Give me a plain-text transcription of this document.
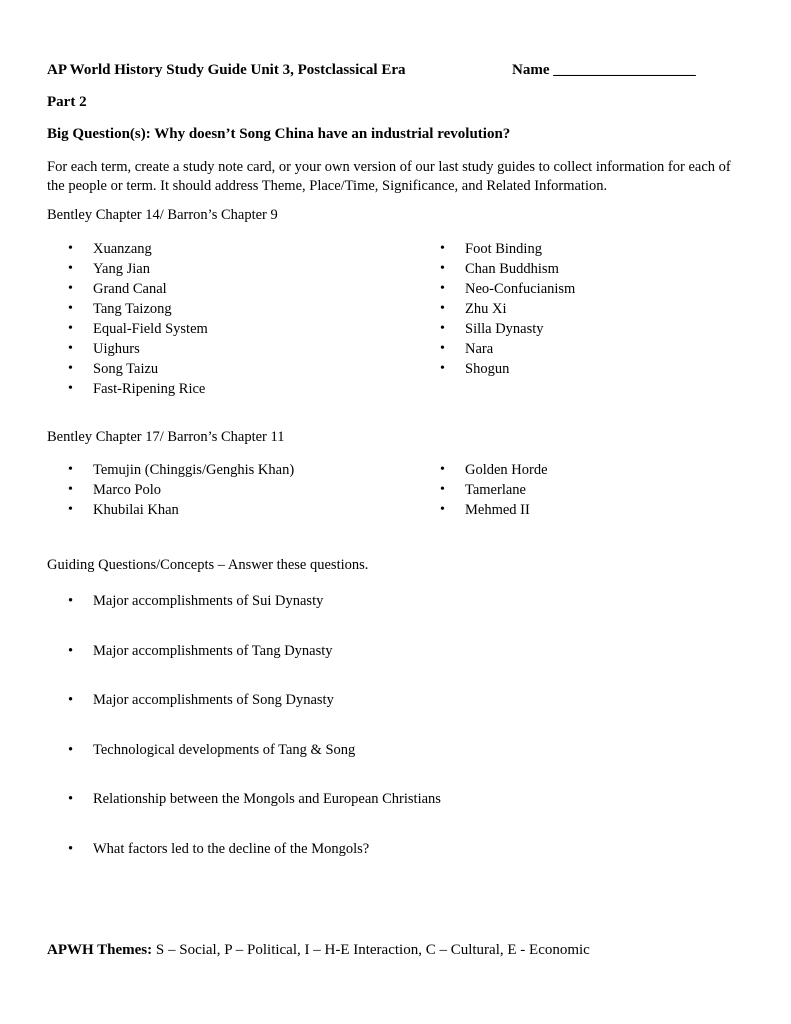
AP World History Study Guide Unit 3, Postclassical Era	Name ___________________
Part 2
Big Question(s): Why doesn’t Song China have an industrial revolution?
For each term, create a study note card, or your own version of our last study guides to collect information for each of the people or term. It should address Theme, Place/Time, Significance, and Related Information.
Bentley Chapter 14/ Barron’s Chapter 9
• Xuanzang
• Yang Jian
• Grand Canal
• Tang Taizong
• Equal-Field System
• Uighurs
• Song Taizu
• Fast-Ripening Rice
• Foot Binding
• Chan Buddhism
• Neo-Confucianism
• Zhu Xi
• Silla Dynasty
• Nara
• Shogun
Bentley Chapter 17/ Barron’s Chapter 11
• Temujin (Chinggis/Genghis Khan)
• Marco Polo
• Khubilai Khan
• Golden Horde
• Tamerlane
• Mehmed II
Guiding Questions/Concepts – Answer these questions.
• Major accomplishments of Sui Dynasty
• Major accomplishments of Tang Dynasty
• Major accomplishments of Song Dynasty
• Technological developments of Tang & Song
• Relationship between the Mongols and European Christians
• What factors led to the decline of the Mongols?
APWH Themes: S – Social, P – Political, I – H-E Interaction, C – Cultural, E - Economic
